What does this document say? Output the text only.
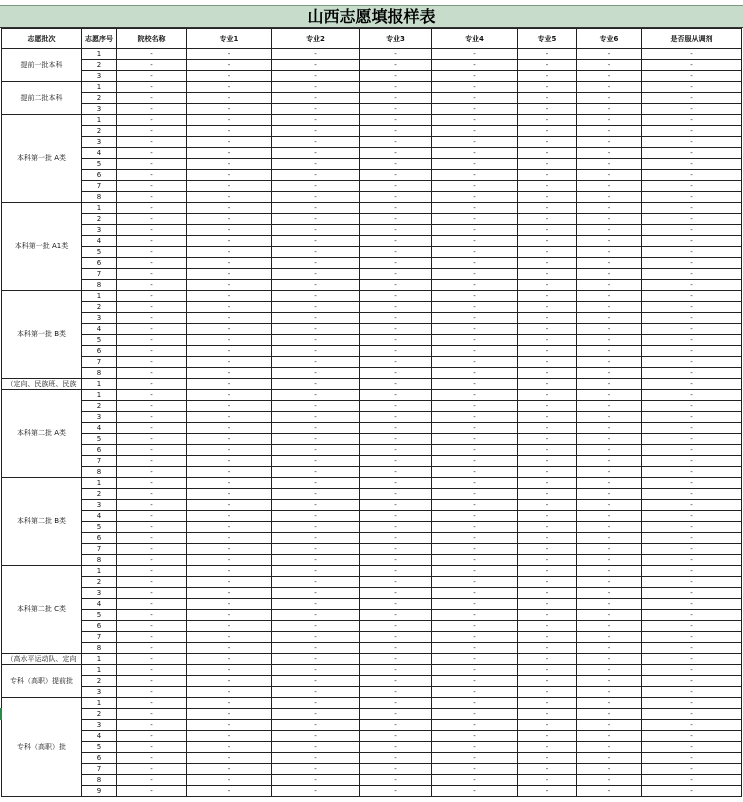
山西志愿填报样表
志愿批次	志愿序号	院校名称	专业1	专业2	专业3	专业4	专业5	专业6	是否服从调剂
提前一批本科	1	-	-	-	-	-	-	-	-
	2	-	-	-	-	-	-	-	-
	3	-	-	-	-	-	-	-	-
提前二批本科	1	-	-	-	-	-	-	-	-
	2	-	-	-	-	-	-	-	-
	3	-	-	-	-	-	-	-	-
本科第一批 A类	1	-	-	-	-	-	-	-	-
	2	-	-	-	-	-	-	-	-
	3	-	-	-	-	-	-	-	-
	4	-	-	-	-	-	-	-	-
	5	-	-	-	-	-	-	-	-
	6	-	-	-	-	-	-	-	-
	7	-	-	-	-	-	-	-	-
	8	-	-	-	-	-	-	-	-
本科第一批 A1类	1	-	-	-	-	-	-	-	-
	2	-	-	-	-	-	-	-	-
	3	-	-	-	-	-	-	-	-
	4	-	-	-	-	-	-	-	-
	5	-	-	-	-	-	-	-	-
	6	-	-	-	-	-	-	-	-
	7	-	-	-	-	-	-	-	-
	8	-	-	-	-	-	-	-	-
本科第一批 B类	1	-	-	-	-	-	-	-	-
	2	-	-	-	-	-	-	-	-
	3	-	-	-	-	-	-	-	-
	4	-	-	-	-	-	-	-	-
	5	-	-	-	-	-	-	-	-
	6	-	-	-	-	-	-	-	-
	7	-	-	-	-	-	-	-	-
	8	-	-	-	-	-	-	-	-
（定向、民族班、民族	1	-	-	-	-	-	-	-	-
本科第二批 A类	1	-	-	-	-	-	-	-	-
	2	-	-	-	-	-	-	-	-
	3	-	-	-	-	-	-	-	-
	4	-	-	-	-	-	-	-	-
	5	-	-	-	-	-	-	-	-
	6	-	-	-	-	-	-	-	-
	7	-	-	-	-	-	-	-	-
	8	-	-	-	-	-	-	-	-
本科第二批 B类	1	-	-	-	-	-	-	-	-
	2	-	-	-	-	-	-	-	-
	3	-	-	-	-	-	-	-	-
	4	-	-	-	-	-	-	-	-
	5	-	-	-	-	-	-	-	-
	6	-	-	-	-	-	-	-	-
	7	-	-	-	-	-	-	-	-
	8	-	-	-	-	-	-	-	-
本科第二批 C类	1	-	-	-	-	-	-	-	-
	2	-	-	-	-	-	-	-	-
	3	-	-	-	-	-	-	-	-
	4	-	-	-	-	-	-	-	-
	5	-	-	-	-	-	-	-	-
	6	-	-	-	-	-	-	-	-
	7	-	-	-	-	-	-	-	-
	8	-	-	-	-	-	-	-	-
（高水平运动队、定向	1	-	-	-	-	-	-	-	-
专科（高职）提前批	1	-	-	-	-	-	-	-	-
	2	-	-	-	-	-	-	-	-
	3	-	-	-	-	-	-	-	-
专科（高职）批	1	-	-	-	-	-	-	-	-
	2	-	-	-	-	-	-	-	-
	3	-	-	-	-	-	-	-	-
	4	-	-	-	-	-	-	-	-
	5	-	-	-	-	-	-	-	-
	6	-	-	-	-	-	-	-	-
	7	-	-	-	-	-	-	-	-
	8	-	-	-	-	-	-	-	-
	9	-	-	-	-	-	-	-	-
